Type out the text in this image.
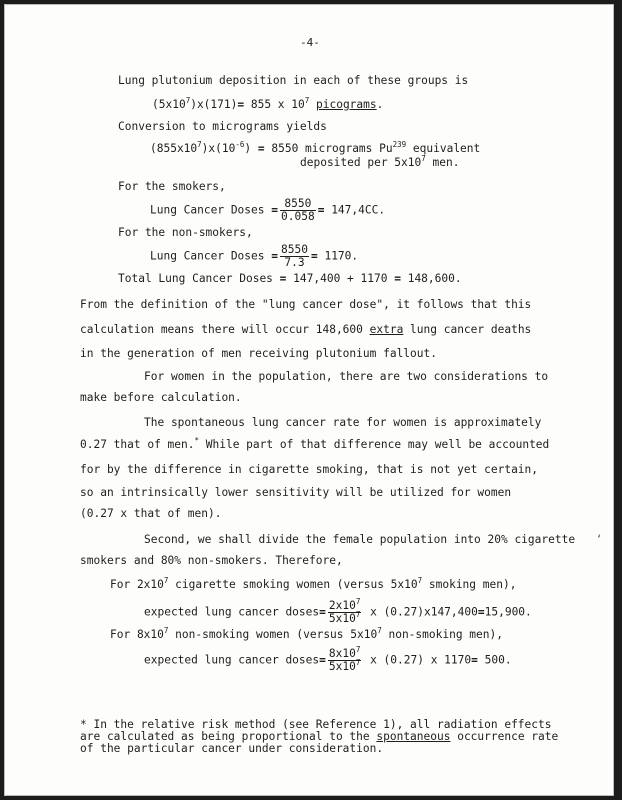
-4-
Lung plutonium deposition in each of these groups is
$(5x10^7)x(171)= 855$ x $10^7$ picograms.
Conversion to micrograms yields
$(855x10^7)x(10^{-6}) = 8550$ micrograms Pu$^{239}$ equivalent
deposited per $5x10^7$ men.
For the smokers,
Lung Cancer Doses = $\frac{8550}{0.058} = 147,4CC$.
For the non-smokers,
Lung Cancer Doses = $\frac{8550}{7.3} = 1170$.
Total Lung Cancer Doses = 147,400 + 1170 = 148,600.
From the definition of the "lung cancer dose", it follows that this
calculation means there will occur 148,600 extra lung cancer deaths
in the generation of men receiving plutonium fallout.
For women in the population, there are two considerations to
make before calculation.
The spontaneous lung cancer rate for women is approximately
0.27 that of men.* While part of that difference may well be accounted
for by the difference in cigarette smoking, that is not yet certain,
so an intrinsically lower sensitivity will be utilized for women
(0.27 x that of men).
Second, we shall divide the female population into 20% cigarette
smokers and 80% non-smokers. Therefore,
For $2x10^7$ cigarette smoking women (versus $5x10^7$ smoking men),
expected lung cancer doses= $\frac{2x10^7}{5x10^7}$ x (0.27)x147,400=15,900.
For $8x10^7$ non-smoking women (versus $5x10^7$ non-smoking men),
expected lung cancer doses= $\frac{8x10^7}{5x10^7}$ x (0.27) x 1170= 500.
* In the relative risk method (see Reference 1), all radiation effects
are calculated as being proportional to the spontaneous occurrence rate
of the particular cancer under consideration.
‘
